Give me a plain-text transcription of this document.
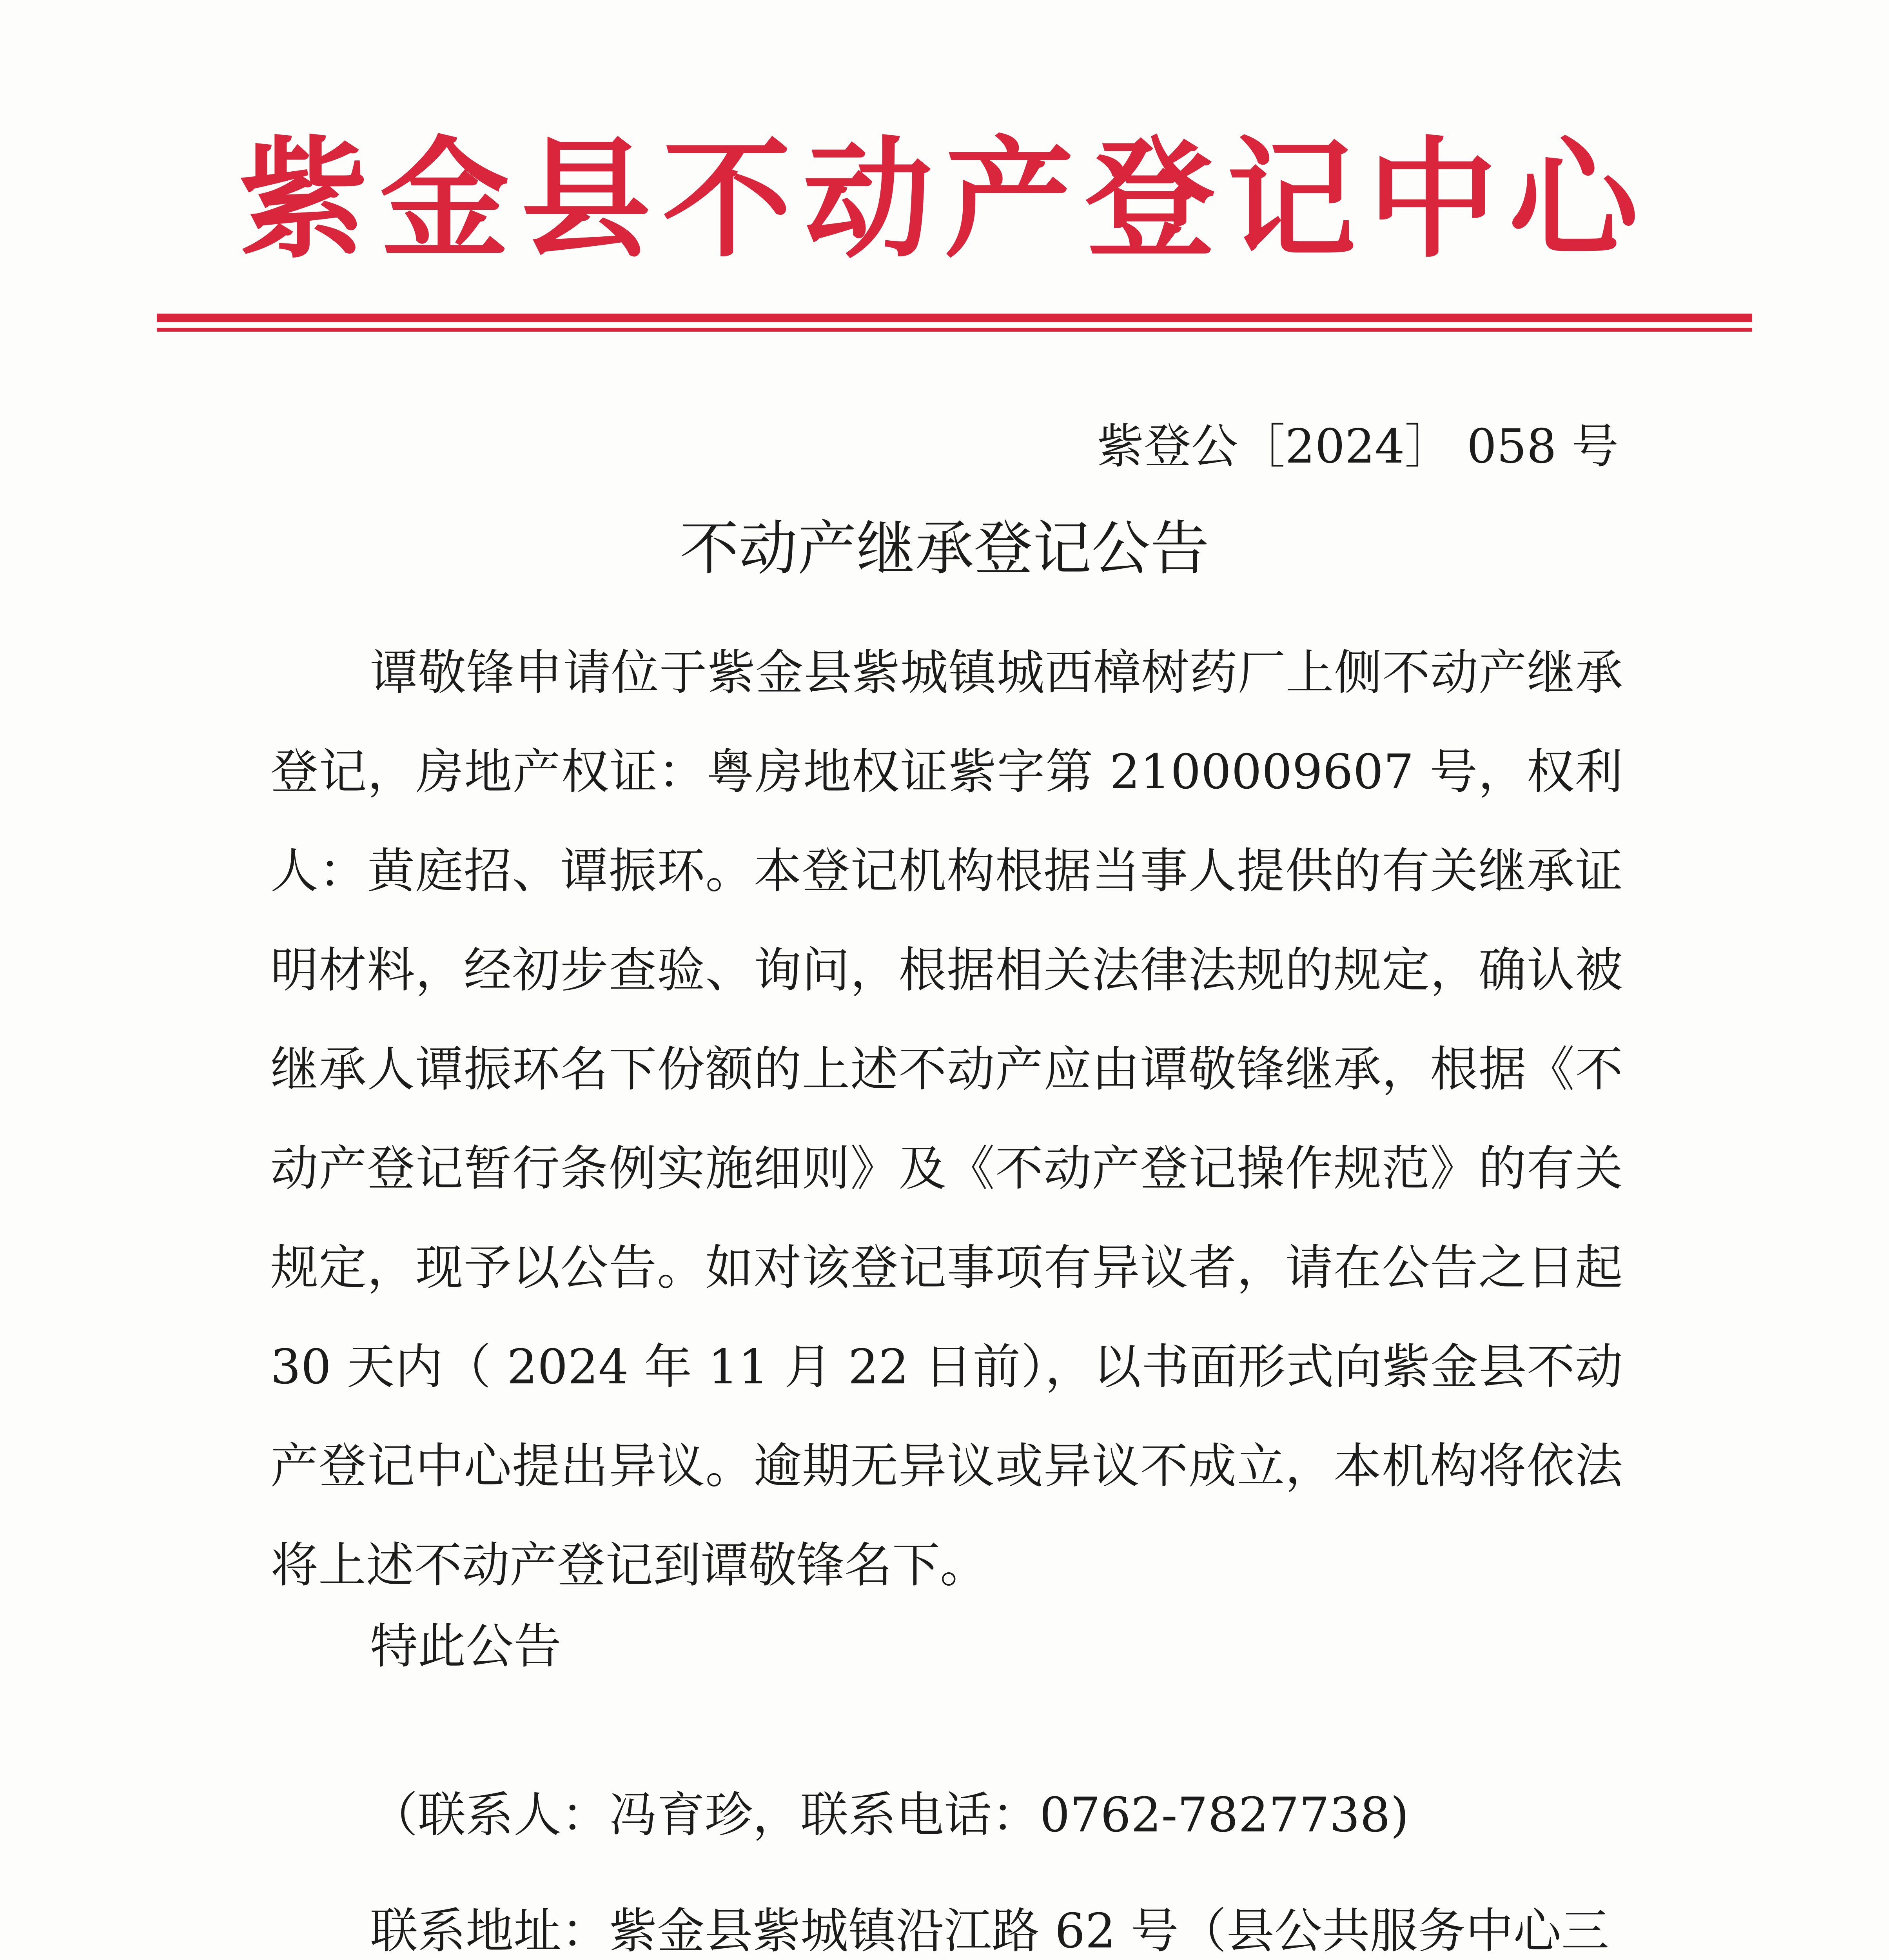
紫金县不动产登记中心
紫登公［2024］ 058 号
不动产继承登记公告
谭敬锋申请位于紫金县紫城镇城西樟树药厂上侧不动产继承登记，房地产权证：粤房地权证紫字第 2100009607 号，权利人：黄庭招、谭振环。本登记机构根据当事人提供的有关继承证明材料，经初步查验、询问，根据相关法律法规的规定，确认被继承人谭振环名下份额的上述不动产应由谭敬锋继承，根据《不动产登记暂行条例实施细则》及《不动产登记操作规范》的有关规定，现予以公告。如对该登记事项有异议者，请在公告之日起 30 天内（ 2024 年 11 月 22 日前），以书面形式向紫金县不动产登记中心提出异议。逾期无异议或异议不成立，本机构将依法将上述不动产登记到谭敬锋名下。
特此公告
（联系人：冯育珍，联系电话：0762-7827738)
联系地址：紫金县紫城镇沿江路 62 号（县公共服务中心三
